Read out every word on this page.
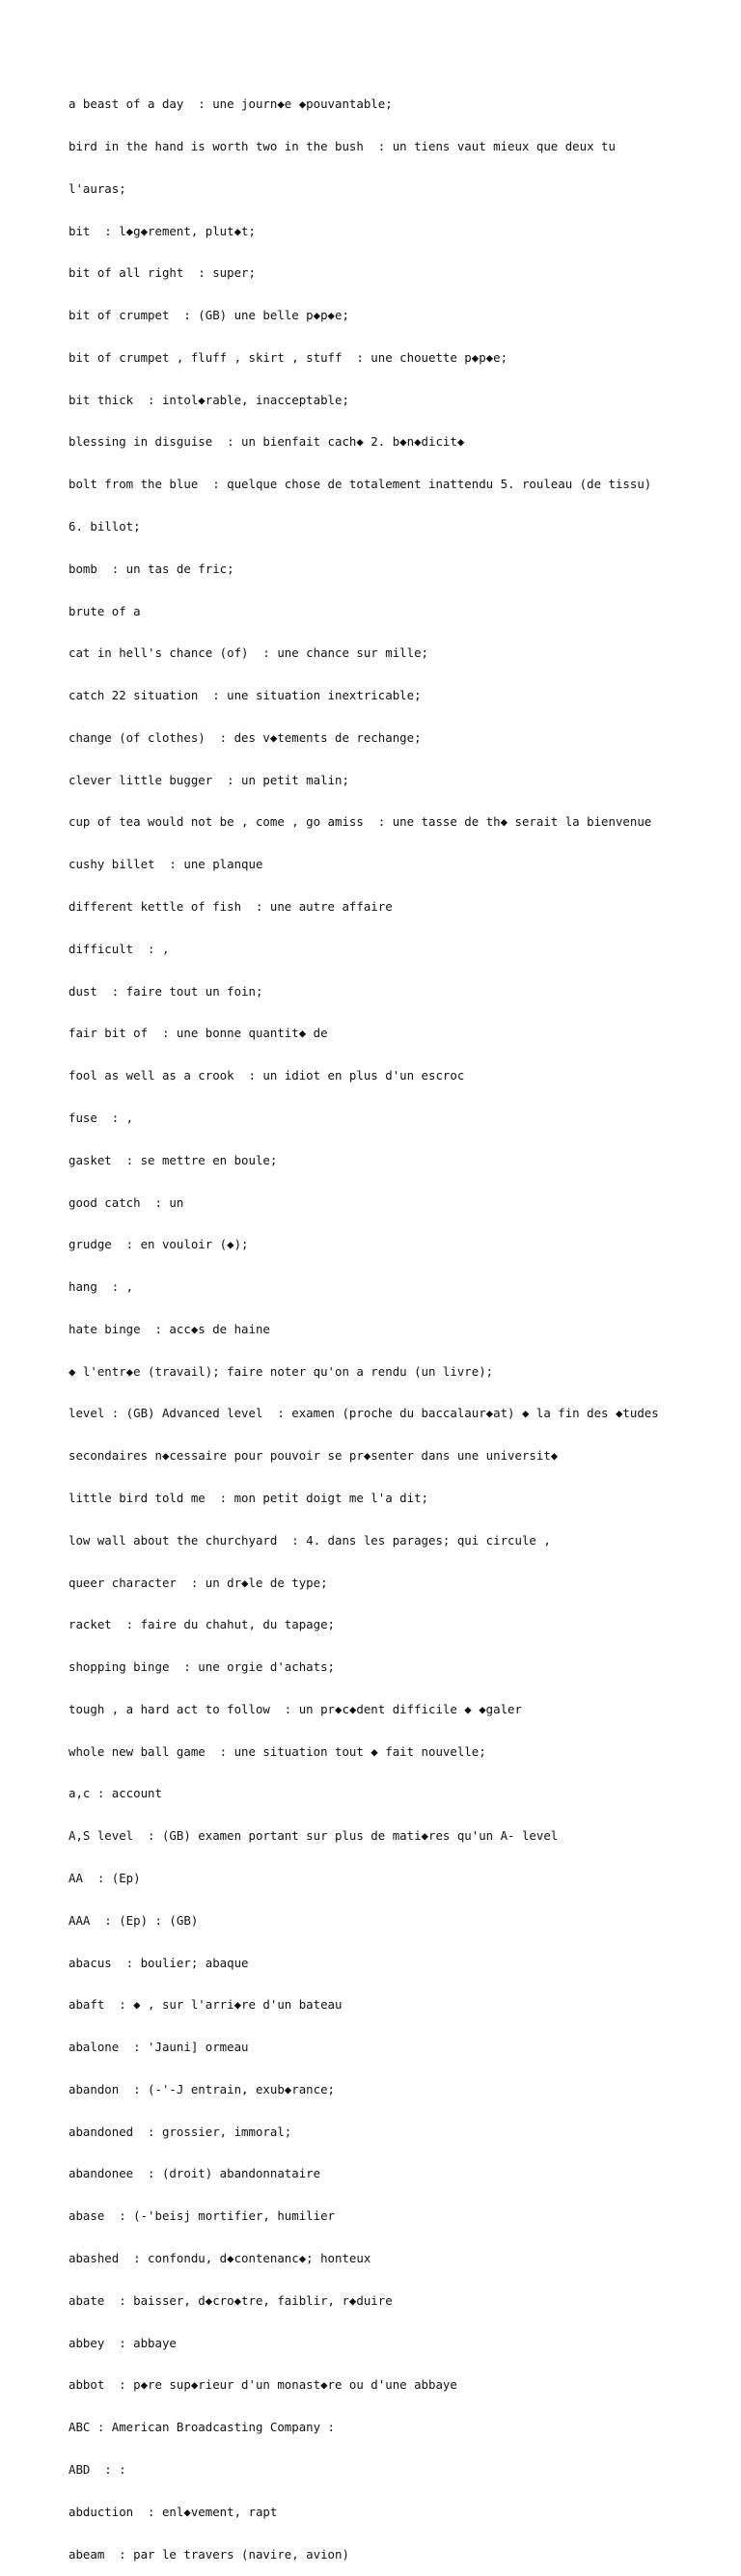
a beast of a day  : une journ◆e ◆pouvantable;

bird in the hand is worth two in the bush  : un tiens vaut mieux que deux tu

l'auras;

bit  : l◆g◆rement, plut◆t;

bit of all right  : super;

bit of crumpet  : (GB) une belle p◆p◆e;

bit of crumpet , fluff , skirt , stuff  : une chouette p◆p◆e;

bit thick  : intol◆rable, inacceptable;

blessing in disguise  : un bienfait cach◆ 2. b◆n◆dicit◆

bolt from the blue  : quelque chose de totalement inattendu 5. rouleau (de tissu)

6. billot;

bomb  : un tas de fric;

brute of a

cat in hell's chance (of)  : une chance sur mille;

catch 22 situation  : une situation inextricable;

change (of clothes)  : des v◆tements de rechange;

clever little bugger  : un petit malin;

cup of tea would not be , come , go amiss  : une tasse de th◆ serait la bienvenue

cushy billet  : une planque

different kettle of fish  : une autre affaire

difficult  : ,

dust  : faire tout un foin;

fair bit of  : une bonne quantit◆ de

fool as well as a crook  : un idiot en plus d'un escroc

fuse  : ,

gasket  : se mettre en boule;

good catch  : un

grudge  : en vouloir (◆);

hang  : ,

hate binge  : acc◆s de haine

◆ l'entr◆e (travail); faire noter qu'on a rendu (un livre);

level : (GB) Advanced level  : examen (proche du baccalaur◆at) ◆ la fin des ◆tudes

secondaires n◆cessaire pour pouvoir se pr◆senter dans une universit◆

little bird told me  : mon petit doigt me l'a dit;

low wall about the churchyard  : 4. dans les parages; qui circule ,

queer character  : un dr◆le de type;

racket  : faire du chahut, du tapage;

shopping binge  : une orgie d'achats;

tough , a hard act to follow  : un pr◆c◆dent difficile ◆ ◆galer

whole new ball game  : une situation tout ◆ fait nouvelle;

a,c : account

A,S level  : (GB) examen portant sur plus de mati◆res qu'un A- level

AA  : (Ep)

AAA  : (Ep) : (GB)

abacus  : boulier; abaque

abaft  : ◆ , sur l'arri◆re d'un bateau

abalone  : 'Jauni] ormeau

abandon  : (-'-J entrain, exub◆rance;

abandoned  : grossier, immoral;

abandonee  : (droit) abandonnataire

abase  : (-'beisj mortifier, humilier

abashed  : confondu, d◆contenanc◆; honteux

abate  : baisser, d◆cro◆tre, faiblir, r◆duire

abbey  : abbaye

abbot  : p◆re sup◆rieur d'un monast◆re ou d'une abbaye

ABC : American Broadcasting Company :

ABD  : :

abduction  : enl◆vement, rapt

abeam  : par le travers (navire, avion)
